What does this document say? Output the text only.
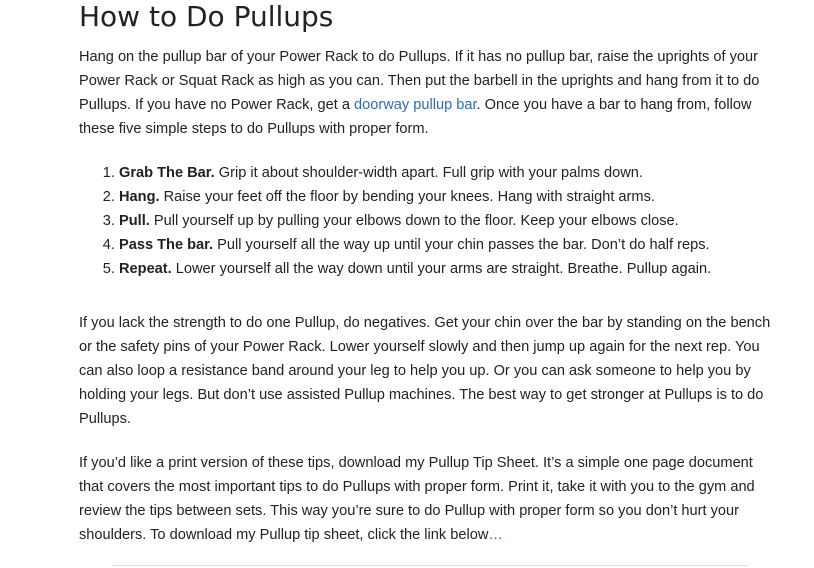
How to Do Pullups

Hang on the pullup bar of your Power Rack to do Pullups. If it has no pullup bar, raise the uprights of your Power Rack or Squat Rack as high as you can. Then put the barbell in the uprights and hang from it to do Pullups. If you have no Power Rack, get a doorway pullup bar. Once you have a bar to hang from, follow these five simple steps to do Pullups with proper form.

1. Grab The Bar. Grip it about shoulder-width apart. Full grip with your palms down.
2. Hang. Raise your feet off the floor by bending your knees. Hang with straight arms.
3. Pull. Pull yourself up by pulling your elbows down to the floor. Keep your elbows close.
4. Pass The bar. Pull yourself all the way up until your chin passes the bar. Don’t do half reps.
5. Repeat. Lower yourself all the way down until your arms are straight. Breathe. Pullup again.

If you lack the strength to do one Pullup, do negatives. Get your chin over the bar by standing on the bench or the safety pins of your Power Rack. Lower yourself slowly and then jump up again for the next rep. You can also loop a resistance band around your leg to help you up. Or you can ask someone to help you by holding your legs. But don’t use assisted Pullup machines. The best way to get stronger at Pullups is to do Pullups.

If you’d like a print version of these tips, download my Pullup Tip Sheet. It’s a simple one page document that covers the most important tips to do Pullups with proper form. Print it, take it with you to the gym and review the tips between sets. This way you’re sure to do Pullup with proper form so you don’t hurt your shoulders. To download my Pullup tip sheet, click the link below…
